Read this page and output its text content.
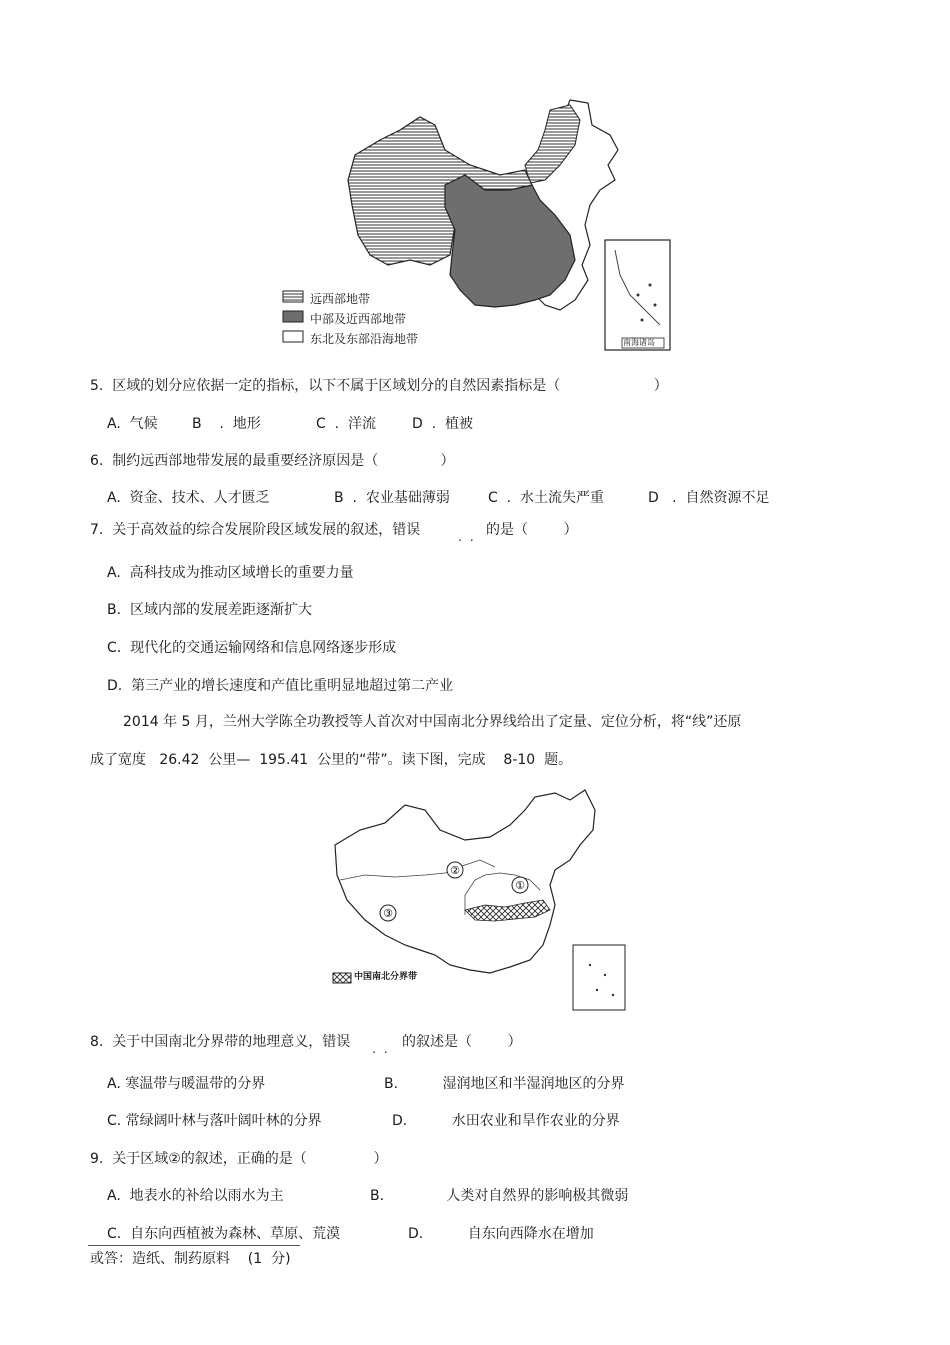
远西部地带
中部及近西部地带
东北及东部沿海地带	南海诸岛
5.  区域的划分应依据一定的指标，以下不属于区域划分的自然因素指标是（                     ）
A.  气候 B    .  地形	C  .  洋流	D  .  植被
6.  制约远西部地带发展的最重要经济原因是（              ）
A.  资金、技术、人才匮乏	B  .  农业基础薄弱	C  .  水土流失严重	D   .  自然资源不足
7.  关于高效益的综合发展阶段区域发展的叙述，错误	.. 的是（        ）
A.  高科技成为推动区域增长的重要力量
B.  区域内部的发展差距逐渐扩大
C.  现代化的交通运输网络和信息网络逐步形成
D.  第三产业的增长速度和产值比重明显地超过第二产业
2014 年 5 月，兰州大学陈全功教授等人首次对中国南北分界线给出了定量、定位分析，将“线”还原
成了宽度   26.42  公里—  195.41  公里的“带”。读下图，完成    8-10  题。
②
①
③
中国南北分界带
8.  关于中国南北分界带的地理意义，错误 .. 的叙述是（        ）
A. 寒温带与暖温带的分界	B.          湿润地区和半湿润地区的分界
C. 常绿阔叶林与落叶阔叶林的分界	D.          水田农业和旱作农业的分界
9.  关于区域②的叙述，正确的是（               ）
A.  地表水的补给以雨水为主	B.              人类对自然界的影响极其微弱
C.  自东向西植被为森林、草原、荒漠	D.          自东向西降水在增加
或答：造纸、制药原料    (1  分)
